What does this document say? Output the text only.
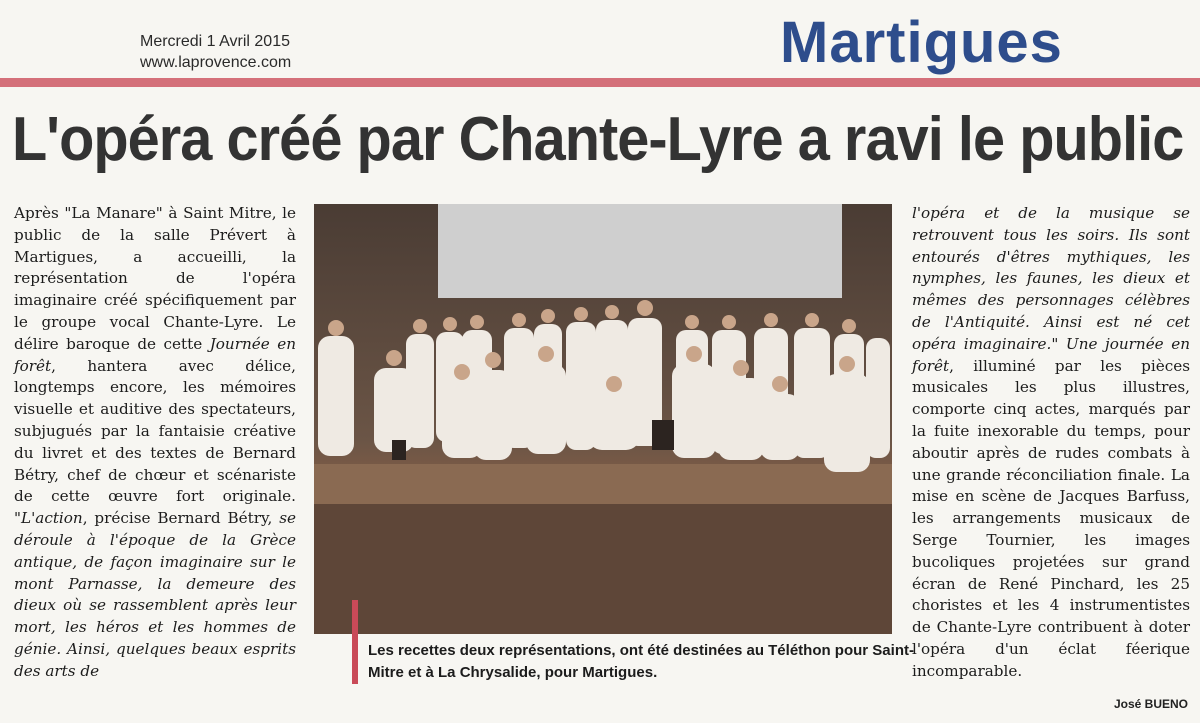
Mercredi 1 Avril 2015
www.laprovence.com	Martigues
L'opéra créé par Chante-Lyre a ravi le public
Après "La Manare" à Saint Mitre, le public de la salle Prévert à Martigues, a accueilli, la représentation de l'opéra imaginaire créé spécifiquement par le groupe vocal Chante-Lyre. Le délire baroque de cette Journée en forêt, hantera avec délice, longtemps encore, les mémoires visuelle et auditive des spectateurs, subjugués par la fantaisie créative du livret et des textes de Bernard Bétry, chef de chœur et scénariste de cette œuvre fort originale. "L'action, précise Bernard Bétry, se déroule à l'époque de la Grèce antique, de façon imaginaire sur le mont Parnasse, la demeure des dieux où se rassemblent après leur mort, les héros et les hommes de génie. Ainsi, quelques beaux esprits des arts de
Les recettes deux représentations, ont été destinées au Téléthon pour Saint-Mitre et à La Chrysalide, pour Martigues.
l'opéra et de la musique se retrouvent tous les soirs. Ils sont entourés d'êtres mythiques, les nymphes, les faunes, les dieux et mêmes des personnages célèbres de l'Antiquité. Ainsi est né cet opéra imaginaire." Une journée en forêt, illuminé par les pièces musicales les plus illustres, comporte cinq actes, marqués par la fuite inexorable du temps, pour aboutir après de rudes combats à une grande réconciliation finale. La mise en scène de Jacques Barfuss, les arrangements musicaux de Serge Tournier, les images bucoliques projetées sur grand écran de René Pinchard, les 25 choristes et les 4 instrumentistes de Chante-Lyre contribuent à doter l'opéra d'un éclat féerique incomparable.
José BUENO
